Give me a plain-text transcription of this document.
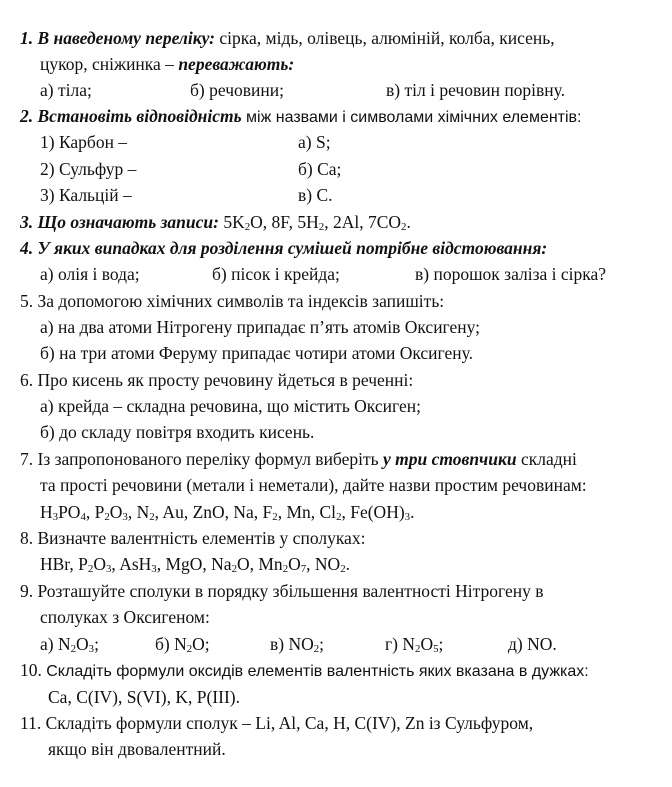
1. В наведеному переліку: сірка, мідь, олівець, алюміній, колба, кисень,
цукор, сніжинка – переважають:
а) тіла;	б) речовини;	в) тіл і речовин порівну.
2. Встановіть відповідність між назвами і символами хімічних елементів:
1) Карбон –	а) S;
2) Сульфур –	б) Ca;
3) Кальцій –	в) C.
3. Що означають записи: $5K_2O$, 8F, $5H_2$, 2Al, $7CO_2$.
4. У яких випадках для розділення сумішей потрібне відстоювання:
а) олія і вода;	б) пісок і крейда;	в) порошок заліза і сірка?
5. За допомогою хімічних символів та індексів запишіть:
а) на два атоми Нітрогену припадає п’ять атомів Оксигену;
б) на три атоми Феруму припадає чотири атоми Оксигену.
6. Про кисень як просту речовину йдеться в реченні:
а) крейда – складна речовина, що містить Оксиген;
б) до складу повітря входить кисень.
7. Із запропонованого переліку формул виберіть у три стовпчики складні
та прості речовини (метали і неметали), дайте назви простим речовинам:
$H_3PO_4$, $P_2O_3$, $N_2$, Au, ZnO, Na, $F_2$, Mn, $Cl_2$, $Fe(OH)_3$.
8. Визначте валентність елементів у сполуках:
HBr, $P_2O_3$, AsH$_3$, MgO, $Na_2O$, $Mn_2O_7$, $NO_2$.
9. Розташуйте сполуки в порядку збільшення валентності Нітрогену в
сполуках з Оксигеном:
а) $N_2O_3$;	б) $N_2O$;	в) $NO_2$;	г) $N_2O_5$;	д) NO.
10. Складіть формули оксидів елементів валентність яких вказана в дужках:
Ca, C(IV), S(VI), K, P(III).
11. Складіть формули сполук – Li, Al, Ca, H, C(IV), Zn із Сульфуром,
якщо він двовалентний.
